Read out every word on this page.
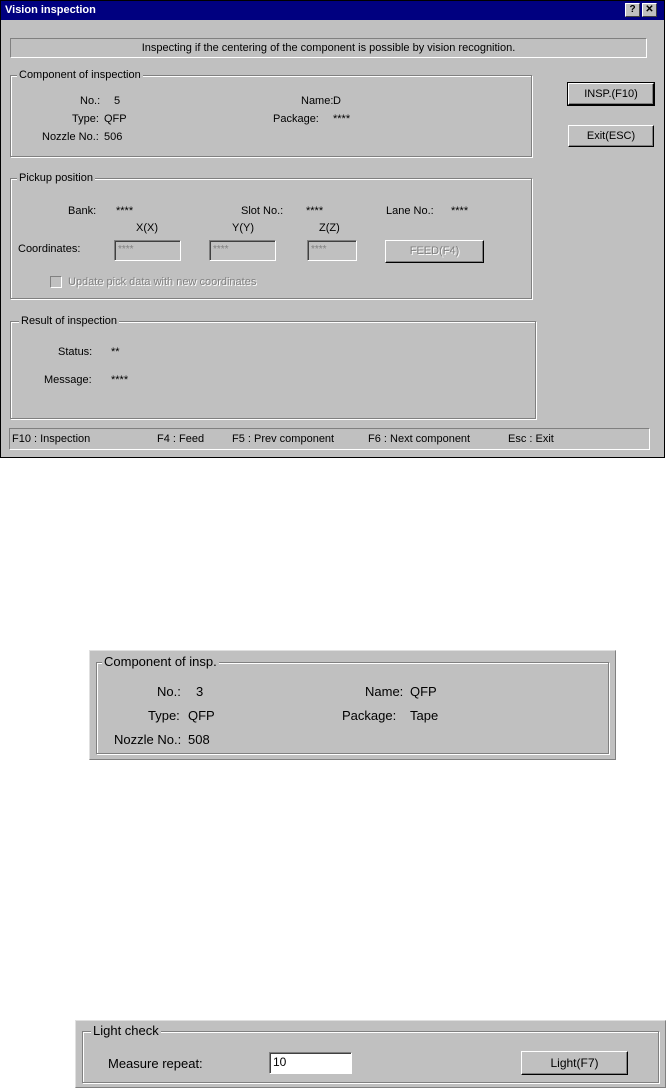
Vision inspection	? ✕
Inspecting if the centering of the component is possible by vision recognition.
Component of inspection
No.: 5
Type: QFP
Nozzle No.: 506
Name: D
Package: ****
Pickup position
Bank: ****	Slot No.: ****	Lane No.: ****
X(X)	Y(Y)	Z(Z)
Coordinates:	****	****	****	FEED(F4)
Update pick data with new coordinates
Result of inspection
Status: **
Message: ****
INSP.(F10)
Exit(ESC)
F10 : Inspection	F4 : Feed	F5 : Prev component	F6 : Next component	Esc : Exit
Component of insp.
No.: 3
Type: QFP
Nozzle No.: 508
Name: QFP
Package: Tape
Light check
Measure repeat:	10	Light(F7)
